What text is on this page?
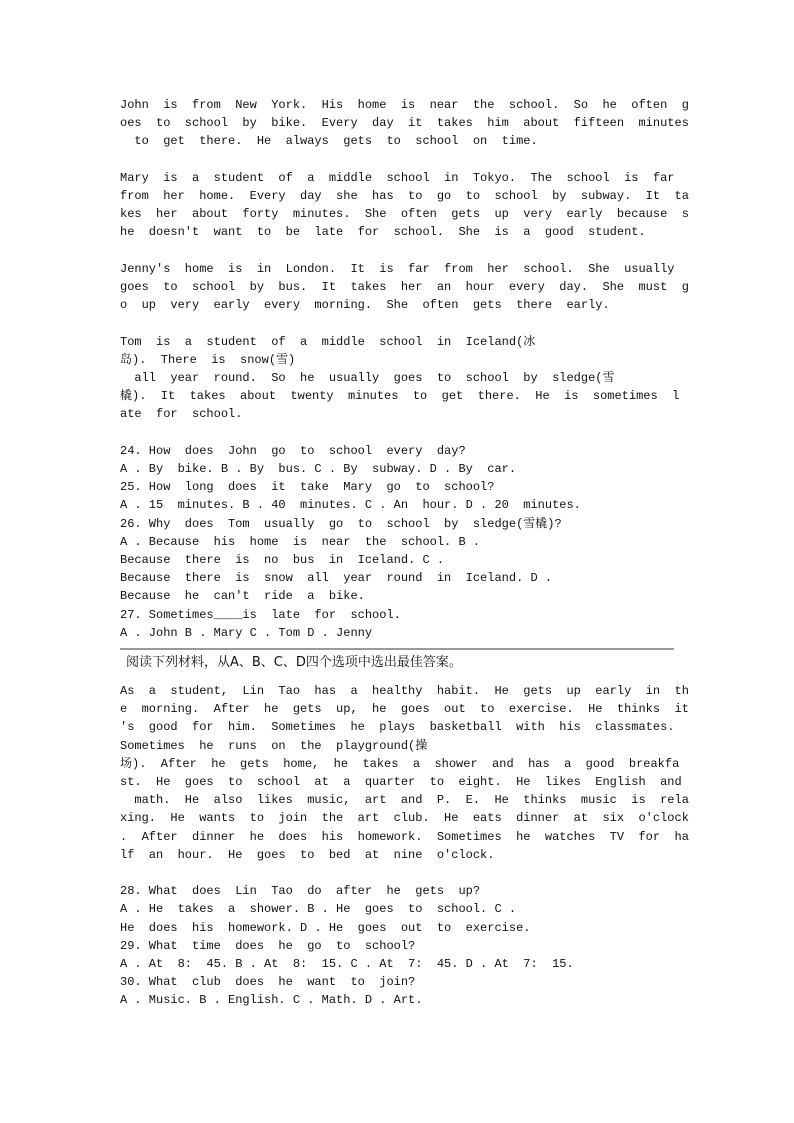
John  is  from  New  York.  His  home  is  near  the  school.  So  he  often  g

oes  to  school  by  bike.  Every  day  it  takes  him  about  fifteen  minutes

to  get  there.  He  always  gets  to  school  on  time.

Mary  is  a  student  of  a  middle  school  in  Tokyo.  The  school  is  far

from  her  home.  Every  day  she  has  to  go  to  school  by  subway.  It  ta

kes  her  about  forty  minutes.  She  often  gets  up  very  early  because  s

he  doesn't  want  to  be  late  for  school.  She  is  a  good  student.

Jenny's  home  is  in  London.  It  is  far  from  her  school.  She  usually

goes  to  school  by  bus.  It  takes  her  an  hour  every  day.  She  must  g

o  up  very  early  every  morning.  She  often  gets  there  early.

Tom  is  a  student  of  a  middle  school  in  Iceland(冰

岛).  There  is  snow(雪)

all  year  round.  So  he  usually  goes  to  school  by  sledge(雪

橇).  It  takes  about  twenty  minutes  to  get  there.  He  is  sometimes  l

ate  for  school.

24. How  does  John  go  to  school  every  day?

A . By  bike. B . By  bus. C . By  subway. D . By  car.

25. How  long  does  it  take  Mary  go  to  school?

A . 15  minutes. B . 40  minutes. C . An  hour. D . 20  minutes.

26. Why  does  Tom  usually  go  to  school  by  sledge(雪橇)?

A . Because  his  home  is  near  the  school. B .

Because  there  is  no  bus  in  Iceland. C .

Because  there  is  snow  all  year  round  in  Iceland. D .

Because  he  can't  ride  a  bike.

27. Sometimes____is  late  for  school.

A . John B . Mary C . Tom D . Jenny

阅读下列材料，从A、B、C、D四个选项中选出最佳答案。

As  a  student,  Lin  Tao  has  a  healthy  habit.  He  gets  up  early  in  th

e  morning.  After  he  gets  up,  he  goes  out  to  exercise.  He  thinks  it

's  good  for  him.  Sometimes  he  plays  basketball  with  his  classmates.

Sometimes  he  runs  on  the  playground(操

场).  After  he  gets  home,  he  takes  a  shower  and  has  a  good  breakfa

st.  He  goes  to  school  at  a  quarter  to  eight.  He  likes  English  and

math.  He  also  likes  music,  art  and  P.  E.  He  thinks  music  is  rela

xing.  He  wants  to  join  the  art  club.  He  eats  dinner  at  six  o'clock

.  After  dinner  he  does  his  homework.  Sometimes  he  watches  TV  for  ha

lf  an  hour.  He  goes  to  bed  at  nine  o'clock.

28. What  does  Lin  Tao  do  after  he  gets  up?

A . He  takes  a  shower. B . He  goes  to  school. C .

He  does  his  homework. D . He  goes  out  to  exercise.

29. What  time  does  he  go  to  school?

A . At  8:  45. B . At  8:  15. C . At  7:  45. D . At  7:  15.

30. What  club  does  he  want  to  join?

A . Music. B . English. C . Math. D . Art.
